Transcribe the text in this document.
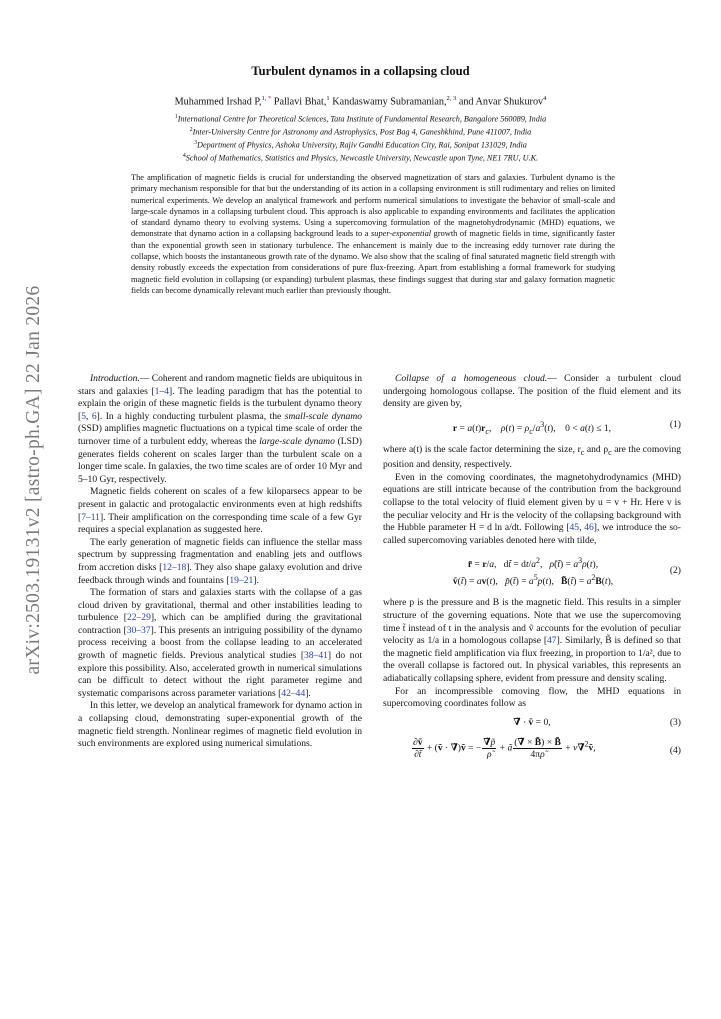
arXiv:2503.19131v2 [astro-ph.GA] 22 Jan 2026
Turbulent dynamos in a collapsing cloud
Muhammed Irshad P,$^{1, *}$ Pallavi Bhat,$^1$ Kandaswamy Subramanian,$^{2, 3}$ and Anvar Shukurov$^4$
$^1$International Centre for Theoretical Sciences, Tata Institute of Fundamental Research, Bangalore 560089, India
$^2$Inter-University Centre for Astronomy and Astrophysics, Post Bag 4, Ganeshkhind, Pune 411007, India
$^3$Department of Physics, Ashoka University, Rajiv Gandhi Education City, Rai, Sonipat 131029, India
$^4$School of Mathematics, Statistics and Physics, Newcastle University, Newcastle upon Tyne, NE1 7RU, U.K.
The amplification of magnetic fields is crucial for understanding the observed magnetization of stars and galaxies. Turbulent dynamo is the primary mechanism responsible for that but the understanding of its action in a collapsing environment is still rudimentary and relies on limited numerical experiments. We develop an analytical framework and perform numerical simulations to investigate the behavior of small-scale and large-scale dynamos in a collapsing turbulent cloud. This approach is also applicable to expanding environments and facilitates the application of standard dynamo theory to evolving systems. Using a supercomoving formulation of the magnetohydrodynamic (MHD) equations, we demonstrate that dynamo action in a collapsing background leads to a super-exponential growth of magnetic fields in time, significantly faster than the exponential growth seen in stationary turbulence. The enhancement is mainly due to the increasing eddy turnover rate during the collapse, which boosts the instantaneous growth rate of the dynamo. We also show that the scaling of final saturated magnetic field strength with density robustly exceeds the expectation from considerations of pure flux-freezing. Apart from establishing a formal framework for studying magnetic field evolution in collapsing (or expanding) turbulent plasmas, these findings suggest that during star and galaxy formation magnetic fields can become dynamically relevant much earlier than previously thought.

Introduction.— Coherent and random magnetic fields are ubiquitous in stars and galaxies [1–4]. The leading paradigm that has the potential to explain the origin of these magnetic fields is the turbulent dynamo theory [5, 6]. In a highly conducting turbulent plasma, the small-scale dynamo (SSD) amplifies magnetic fluctuations on a typical time scale of order the turnover time of a turbulent eddy, whereas the large-scale dynamo (LSD) generates fields coherent on scales larger than the turbulent scale on a longer time scale. In galaxies, the two time scales are of order 10 Myr and 5–10 Gyr, respectively.

Magnetic fields coherent on scales of a few kiloparsecs appear to be present in galactic and protogalactic environments even at high redshifts [7–11]. Their amplification on the corresponding time scale of a few Gyr requires a special explanation as suggested here.

The early generation of magnetic fields can influence the stellar mass spectrum by suppressing fragmentation and enabling jets and outflows from accretion disks [12–18]. They also shape galaxy evolution and drive feedback through winds and fountains [19–21].

The formation of stars and galaxies starts with the collapse of a gas cloud driven by gravitational, thermal and other instabilities leading to turbulence [22–29], which can be amplified during the gravitational contraction [30–37]. This presents an intriguing possibility of the dynamo process receiving a boost from the collapse leading to an accelerated growth of magnetic fields. Previous analytical studies [38–41] do not explore this possibility. Also, accelerated growth in numerical simulations can be difficult to detect without the right parameter regime and systematic comparisons across parameter variations [42–44].

In this letter, we develop an analytical framework for dynamo action in a collapsing cloud, demonstrating super-exponential growth of the magnetic field strength. Nonlinear regimes of magnetic field evolution in such environments are explored using numerical simulations.

Collapse of a homogeneous cloud.— Consider a turbulent cloud undergoing homologous collapse. The position of the fluid element and its density are given by,

$r = a(t)r_c$,    $\rho(t) = \rho_c/a^3(t)$,    0 < a(t) ≤ 1,	(1)

where a(t) is the scale factor determining the size, $r_c$ and $\rho_c$ are the comoving position and density, respectively.

Even in the comoving coordinates, the magnetohydrodynamics (MHD) equations are still intricate because of the contribution from the background collapse to the total velocity of fluid element given by u = v + Hr. Here v is the peculiar velocity and Hr is the velocity of the collapsing background with the Hubble parameter H = d ln a/dt. Following [45, 46], we introduce the so-called supercomoving variables denoted here with tilde,

r̃ = r/a,   dt̃ = $dt/a^2$,   ρ̃(t̃) = $a^3\rho(t)$,
ṽ(t̃) = av(t),   p̃(t̃) = $a^5p(t)$,   B̃(t̃) = $a^2B(t)$,
(2)

where p is the pressure and B is the magnetic field. This results in a simpler structure of the governing equations. Note that we use the supercomoving time t̃ instead of t in the analysis and ṽ accounts for the evolution of peculiar velocity as 1/a in a homologous collapse [47]. Similarly, B̃ is defined so that the magnetic field amplification via flux freezing, in proportion to 1/a², due to the overall collapse is factored out. In physical variables, this represents an adiabatically collapsing sphere, evident from pressure and density scaling.

For an incompressible comoving flow, the MHD equations in supercomoving coordinates follow as

∇̃ · ṽ = 0,	(3)
$\frac{\text{∂ṽ}}{\partial t̃}$ + (ṽ · ∇̃)ṽ = − $\frac{\nablãp̃}{\rhõ}$ + ã $\frac{(\nablã \times B̃) \times B̃}{4\pi\rhõ}$ + ν∇̃$^2$ṽ,	(4)
